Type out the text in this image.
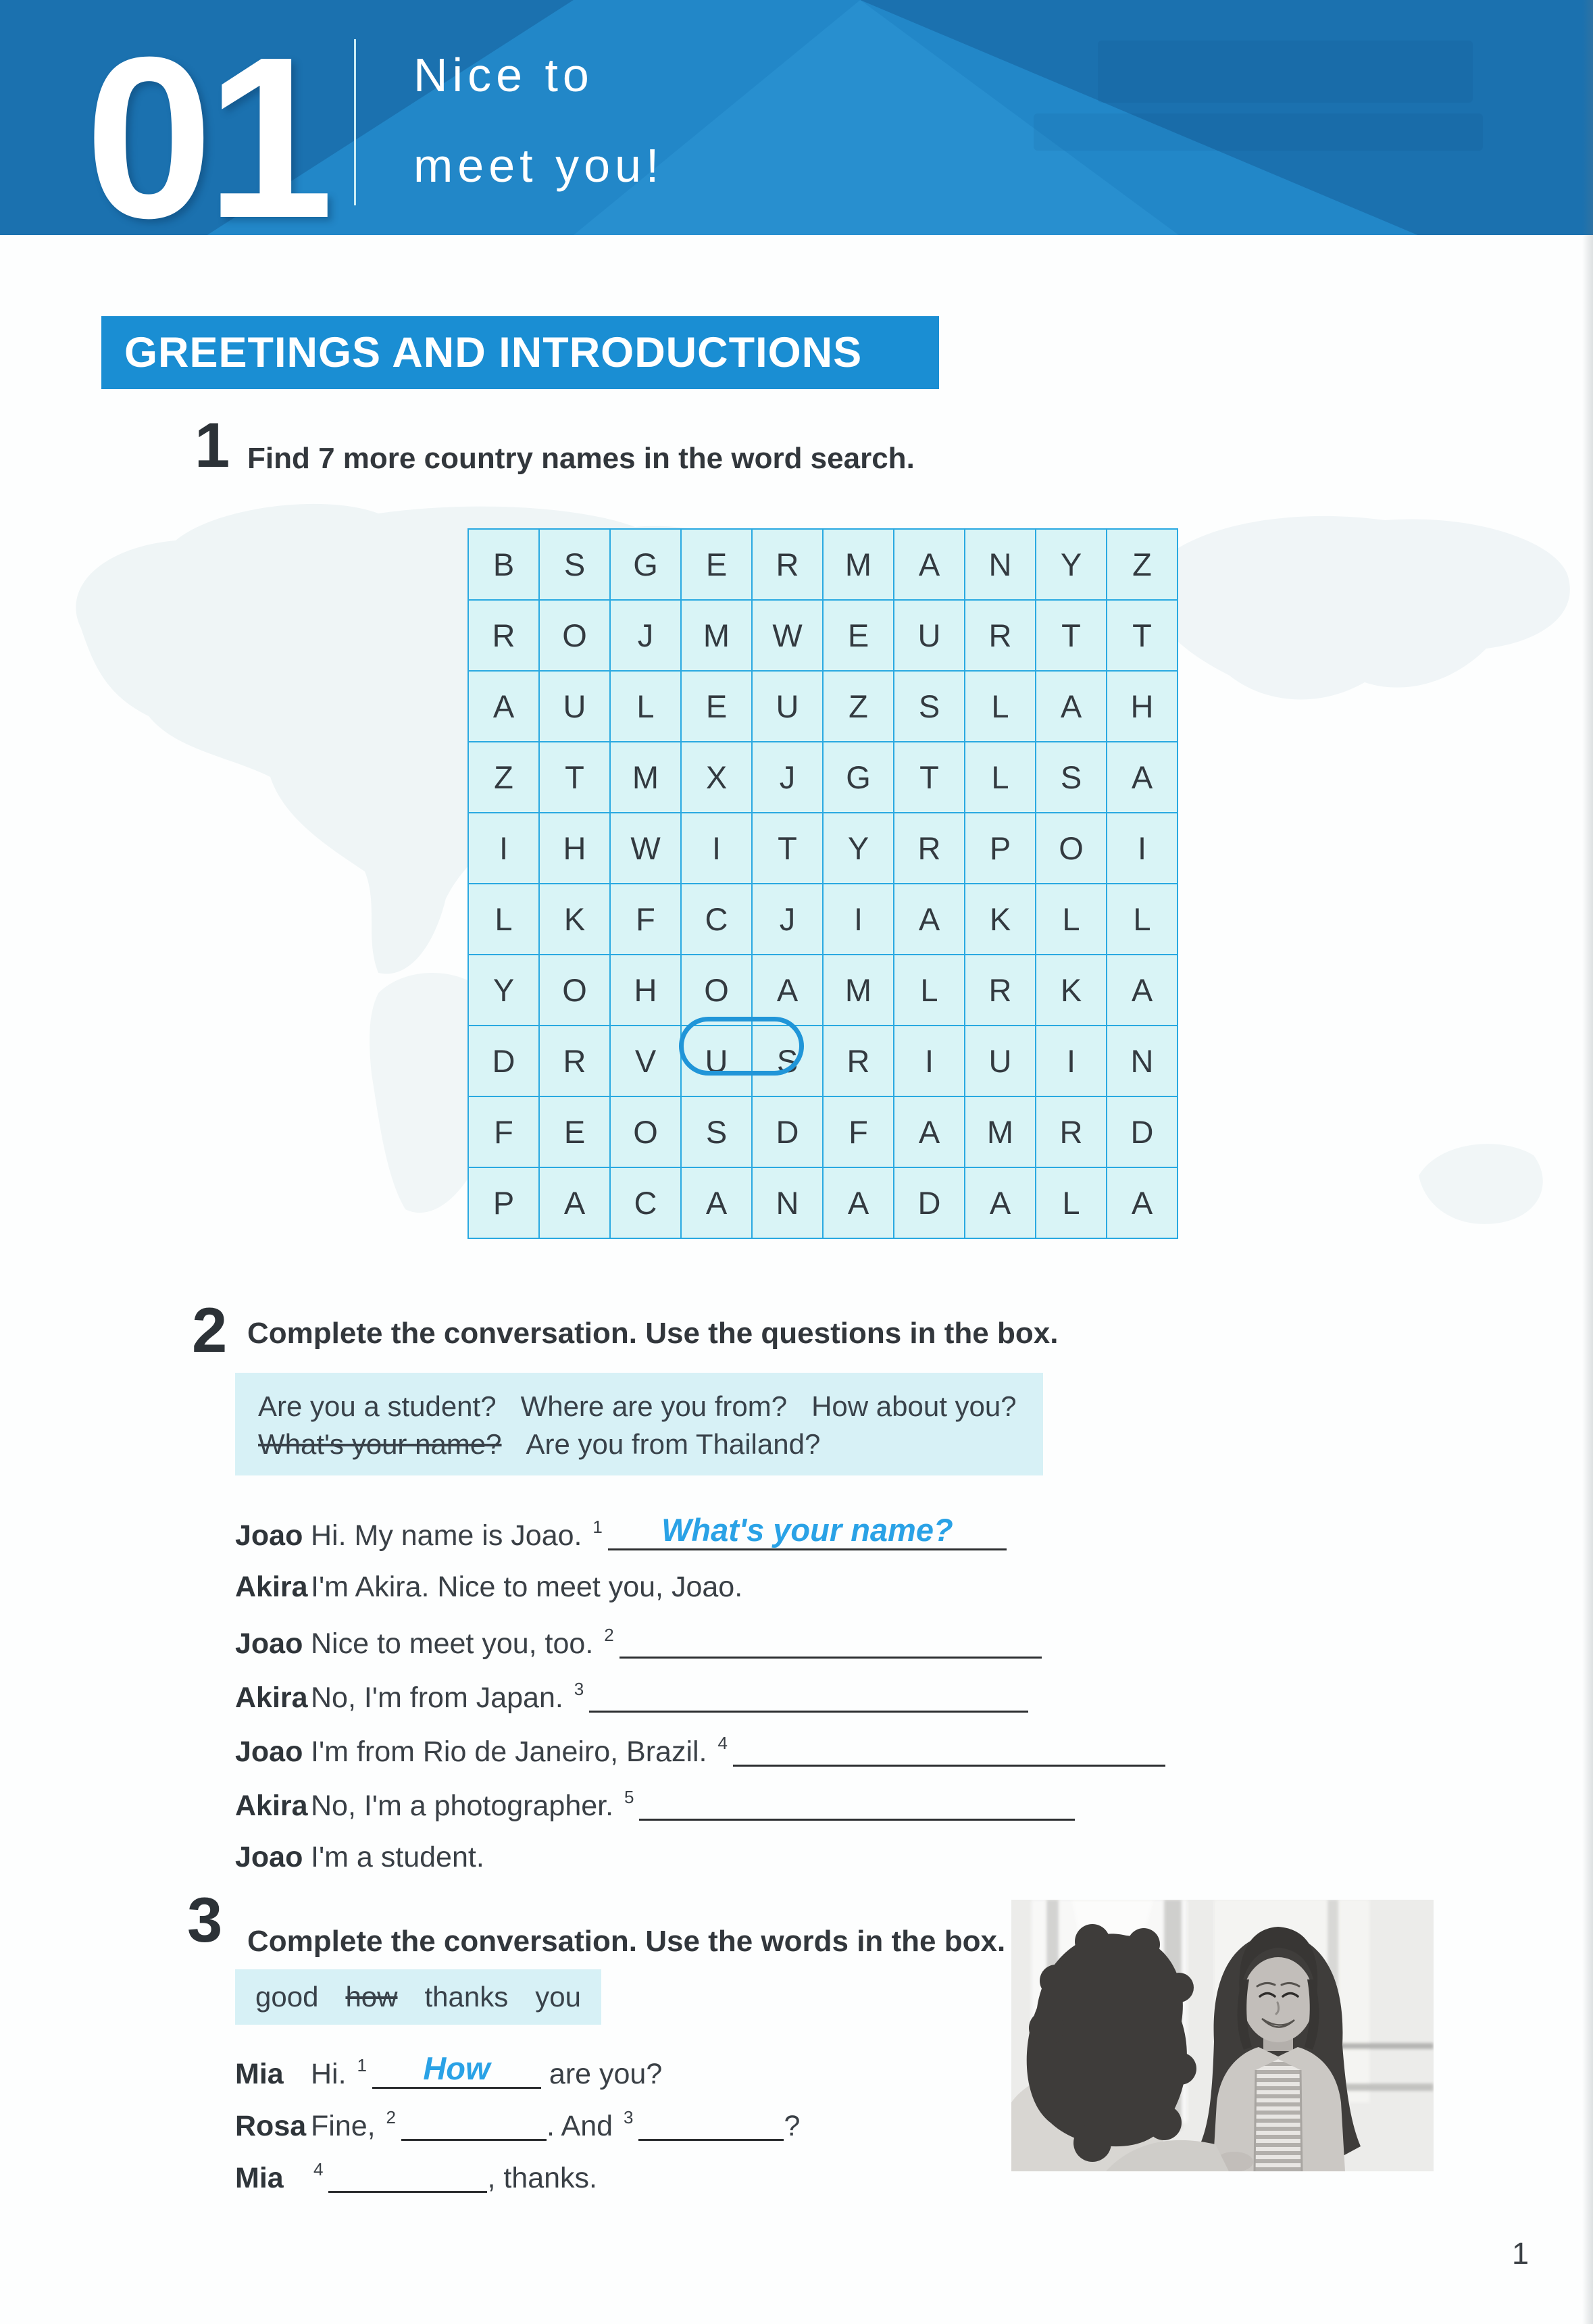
01 Nice to
meet you!
GREETINGS AND INTRODUCTIONS
1 Find 7 more country names in the word search.
B	S	G	E	R	M	A	N	Y	Z
R	O	J	M	W	E	U	R	T	T
A	U	L	E	U	Z	S	L	A	H
Z	T	M	X	J	G	T	L	S	A
I	H	W	I	T	Y	R	P	O	I
L	K	F	C	J	I	A	K	L	L
Y	O	H	O	A	M	L	R	K	A
D	R	V	U	S	R	I	U	I	N
F	E	O	S	D	F	A	M	R	D
P	A	C	A	N	A	D	A	L	A
2 Complete the conversation. Use the questions in the box.
Are you a student? Where are you from? How about you?
What's your name? Are you from Thailand?
Joao Hi. My name is Joao. $^1$	What's your name?
Akira I'm Akira. Nice to meet you, Joao.
Joao Nice to meet you, too. $^2$
Akira No, I'm from Japan. $^3$
Joao I'm from Rio de Janeiro, Brazil. $^4$
Akira No, I'm a photographer. $^5$
Joao I'm a student.
3 Complete the conversation. Use the words in the box.
good how thanks you
Mia Hi. $^1$	How	are you?
Rosa Fine, $^2$	. And $^3$	?
Mia	$^4$	, thanks.
1
